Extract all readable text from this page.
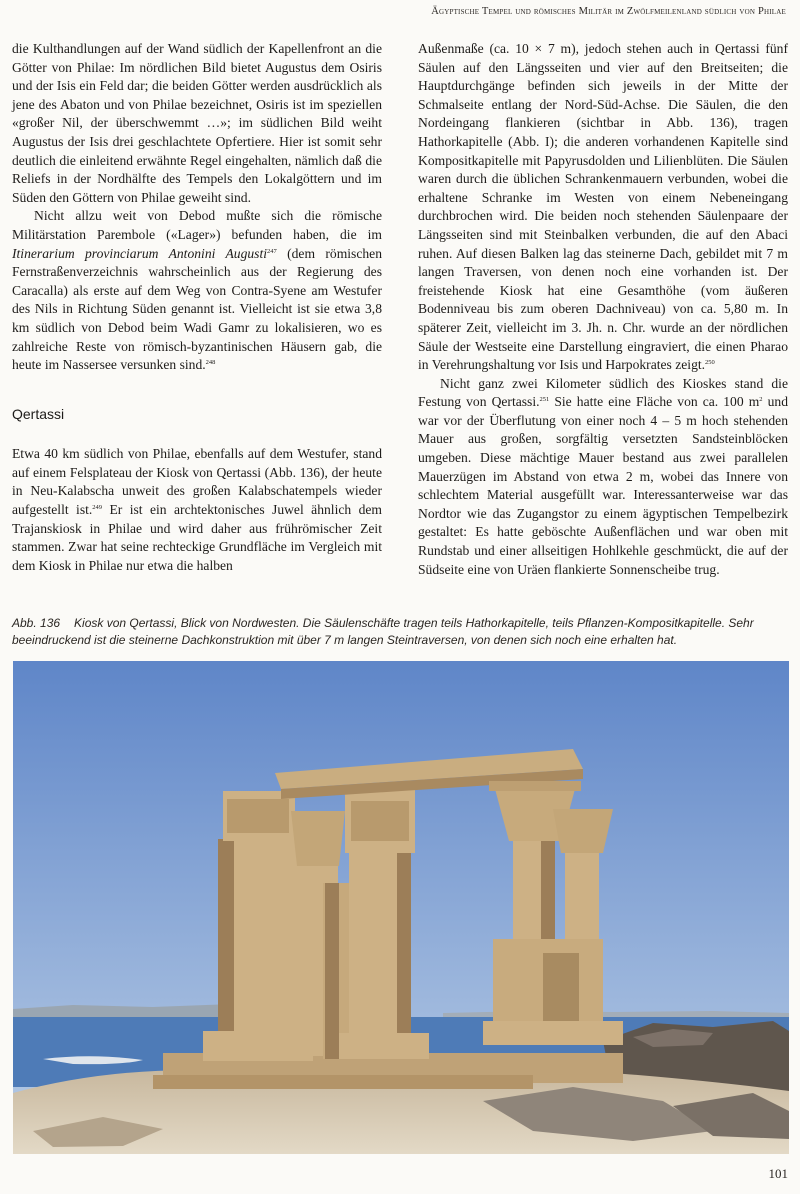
Ägyptische Tempel und römisches Militär im Zwölfmeilenland südlich von Philae

die Kulthandlungen auf der Wand südlich der Kapellenfront an die Götter von Philae: Im nördlichen Bild bietet Augustus dem Osiris und der Isis ein Feld dar; die beiden Götter werden ausdrücklich als jene des Abaton und von Philae bezeichnet, Osiris ist im speziellen «großer Nil, der überschwemmt …»; im südlichen Bild weiht Augustus der Isis drei geschlachtete Opfertiere. Hier ist somit sehr deutlich die einleitend erwähnte Regel eingehalten, nämlich daß die Reliefs in der Nordhälfte des Tempels den Lokalgöttern und im Süden den Göttern von Philae geweiht sind.

Nicht allzu weit von Debod mußte sich die römische Militärstation Parembole («Lager») befunden haben, die im Itinerarium provinciarum Antonini Augusti$^{247}$ (dem römischen Fernstraßenverzeichnis wahrscheinlich aus der Regierung des Caracalla) als erste auf dem Weg von Contra-Syene am Westufer des Nils in Richtung Süden genannt ist. Vielleicht ist sie etwa 3,8 km südlich von Debod beim Wadi Gamr zu lokalisieren, wo es zahlreiche Reste von römisch-byzantinischen Häusern gab, die heute im Nassersee versunken sind.$^{248}$

Qertassi

Etwa 40 km südlich von Philae, ebenfalls auf dem Westufer, stand auf einem Felsplateau der Kiosk von Qertassi (Abb. 136), der heute in Neu-Kalabscha unweit des großen Kalabschatempels wieder aufgestellt ist.$^{249}$ Er ist ein archtektonisches Juwel ähnlich dem Trajanskiosk in Philae und wird daher aus frührömischer Zeit stammen. Zwar hat seine rechteckige Grundfläche im Vergleich mit dem Kiosk in Philae nur etwa die halben

Außenmaße (ca. 10 × 7 m), jedoch stehen auch in Qertassi fünf Säulen auf den Längsseiten und vier auf den Breitseiten; die Hauptdurchgänge befinden sich jeweils in der Mitte der Schmalseite entlang der Nord-Süd-Achse. Die Säulen, die den Nordeingang flankieren (sichtbar in Abb. 136), tragen Hathorkapitelle (Abb. I); die anderen vorhandenen Kapitelle sind Kompositkapitelle mit Papyrusdolden und Lilienblüten. Die Säulen waren durch die üblichen Schrankenmauern verbunden, wobei die erhaltene Schranke im Westen von einem Nebeneingang durchbrochen wird. Die beiden noch stehenden Säulenpaare der Längsseiten sind mit Steinbalken verbunden, die auf den Abaci ruhen. Auf diesen Balken lag das steinerne Dach, gebildet mit 7 m langen Traversen, von denen noch eine vorhanden ist. Der freistehende Kiosk hat eine Gesamthöhe (vom äußeren Bodenniveau bis zum oberen Dachniveau) von ca. 5,80 m. In späterer Zeit, vielleicht im 3. Jh. n. Chr. wurde an der nördlichen Säule der Westseite eine Darstellung eingraviert, die einen Pharao in Verehrungshaltung vor Isis und Harpokrates zeigt.$^{250}$

Nicht ganz zwei Kilometer südlich des Kioskes stand die Festung von Qertassi.$^{251}$ Sie hatte eine Fläche von ca. 100 $m^2$ und war vor der Überflutung von einer noch 4 – 5 m hoch stehenden Mauer aus großen, sorgfältig versetzten Sandsteinblöcken umgeben. Diese mächtige Mauer bestand aus zwei parallelen Mauerzügen im Abstand von etwa 2 m, wobei das Innere von schlechtem Material ausgefüllt war. Interessanterweise war das Nordtor wie das Zugangstor zu einem ägyptischen Tempelbezirk gestaltet: Es hatte geböschte Außenflächen und war oben mit Rundstab und einer allseitigen Hohlkehle geschmückt, die auf der Südseite eine von Uräen flankierte Sonnenscheibe trug.

Abb. 136 Kiosk von Qertassi, Blick von Nordwesten. Die Säulenschäfte tragen teils Hathorkapitelle, teils Pflanzen-Kompositkapitelle. Sehr beeindruckend ist die steinerne Dachkonstruktion mit über 7 m langen Steintraversen, von denen sich noch eine erhalten hat.
101
